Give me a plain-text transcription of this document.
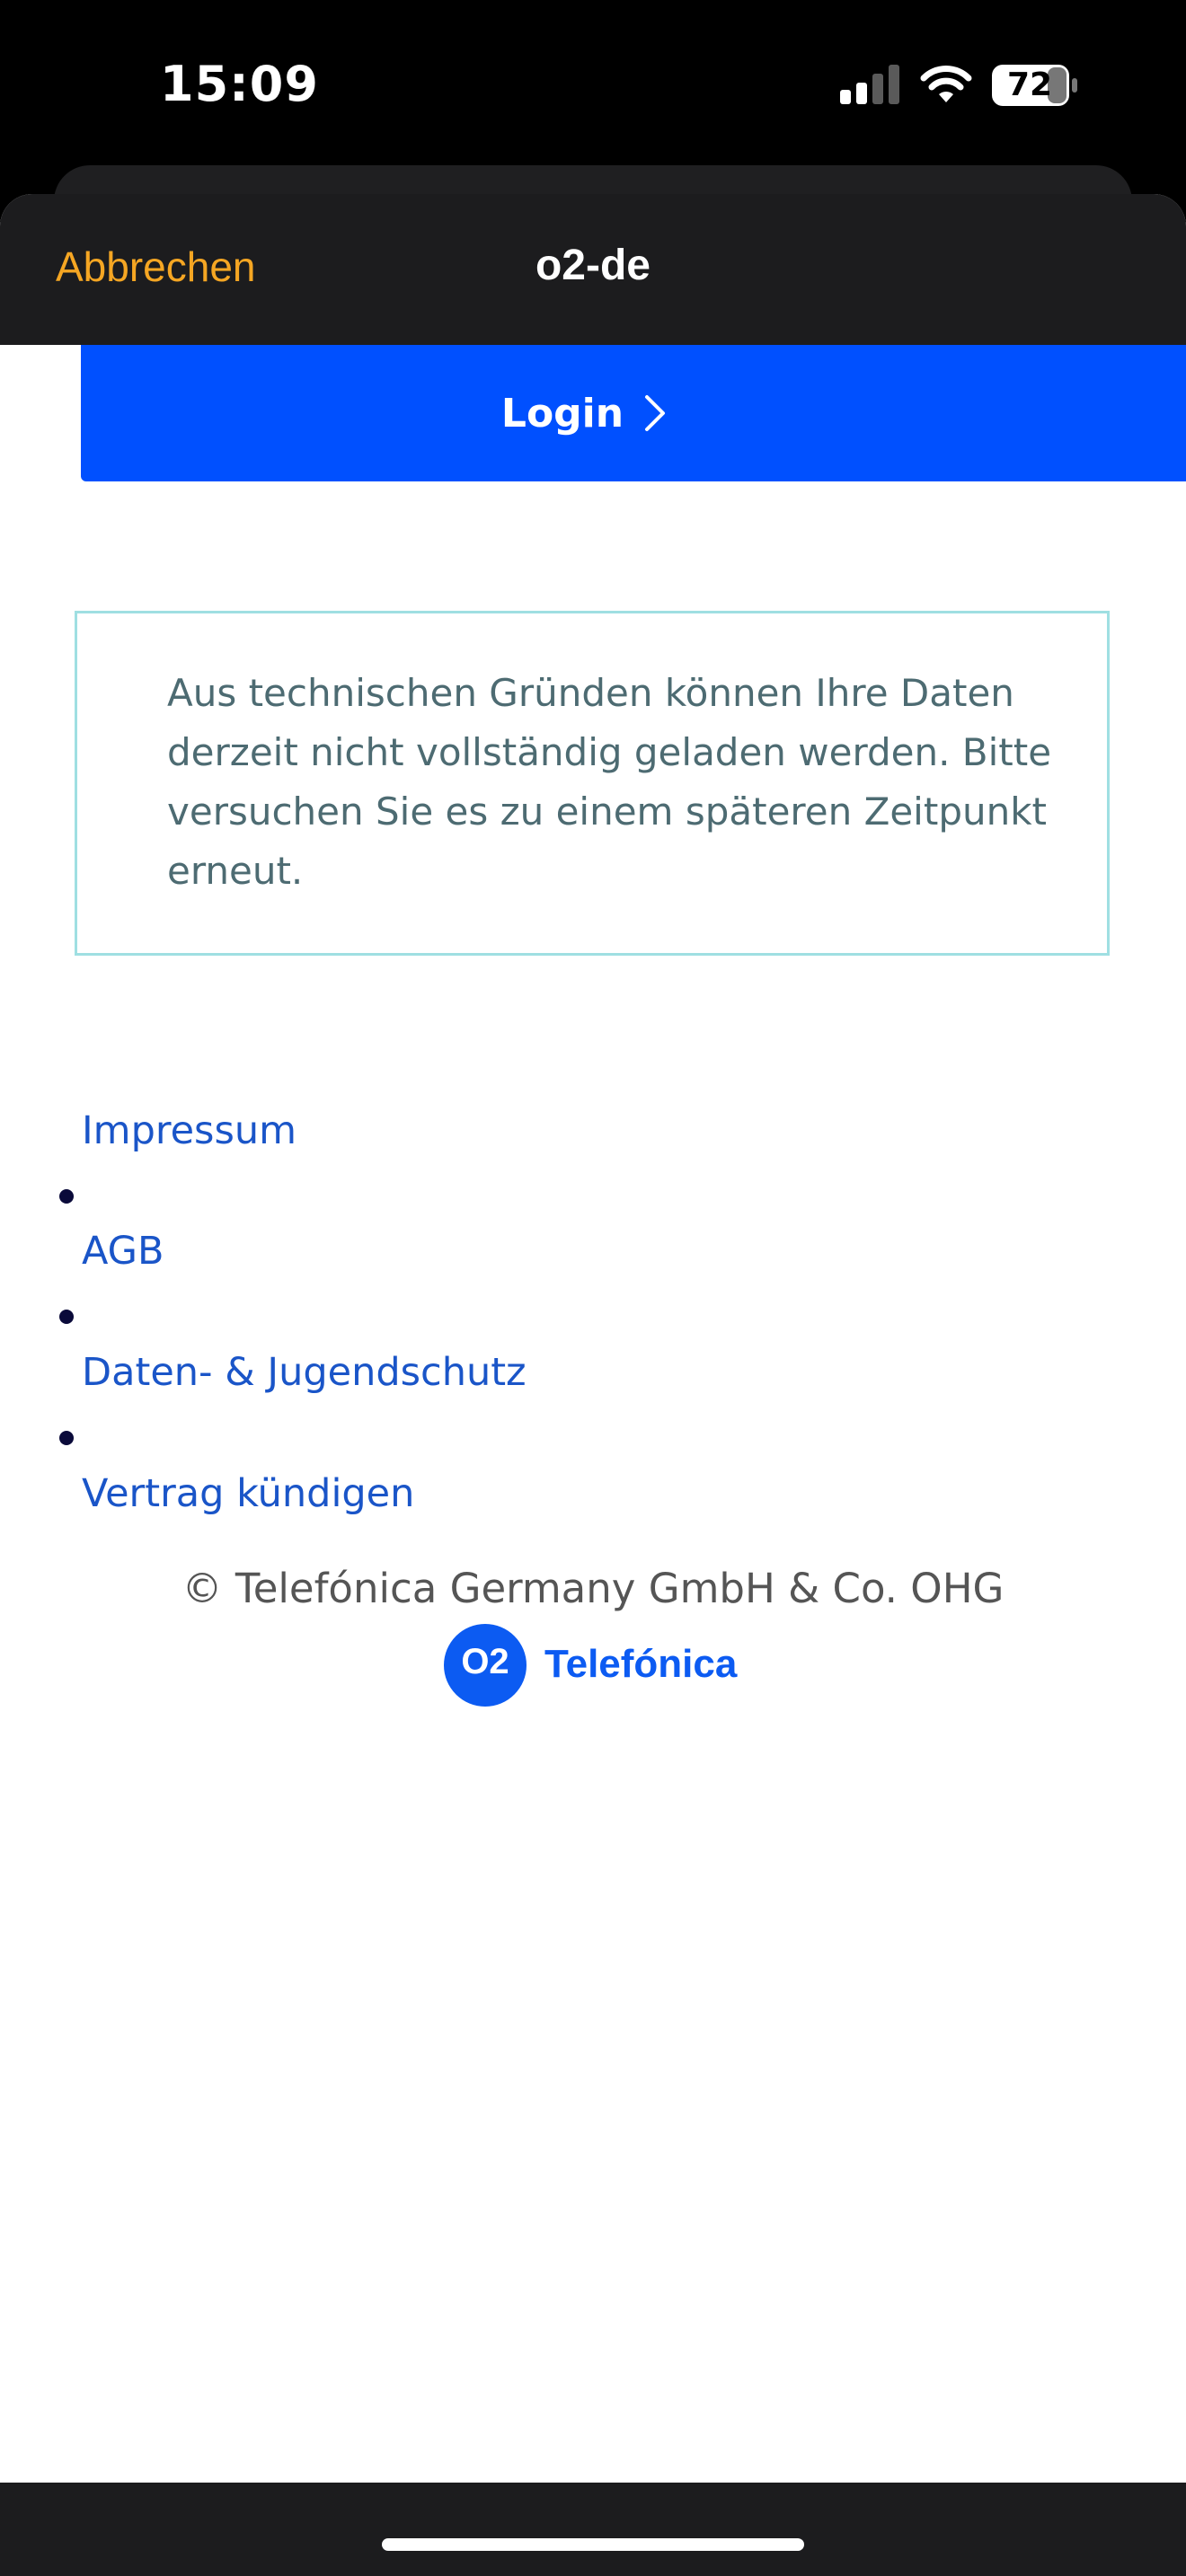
15:09	72
Abbrechen	o2-de
Login
Aus technischen Gründen können Ihre Daten derzeit nicht vollständig geladen werden. Bitte versuchen Sie es zu einem späteren Zeitpunkt erneut.
Impressum
AGB
Daten- & Jugendschutz
Vertrag kündigen
© Telefónica Germany GmbH & Co. OHG
O2 Telefónica
